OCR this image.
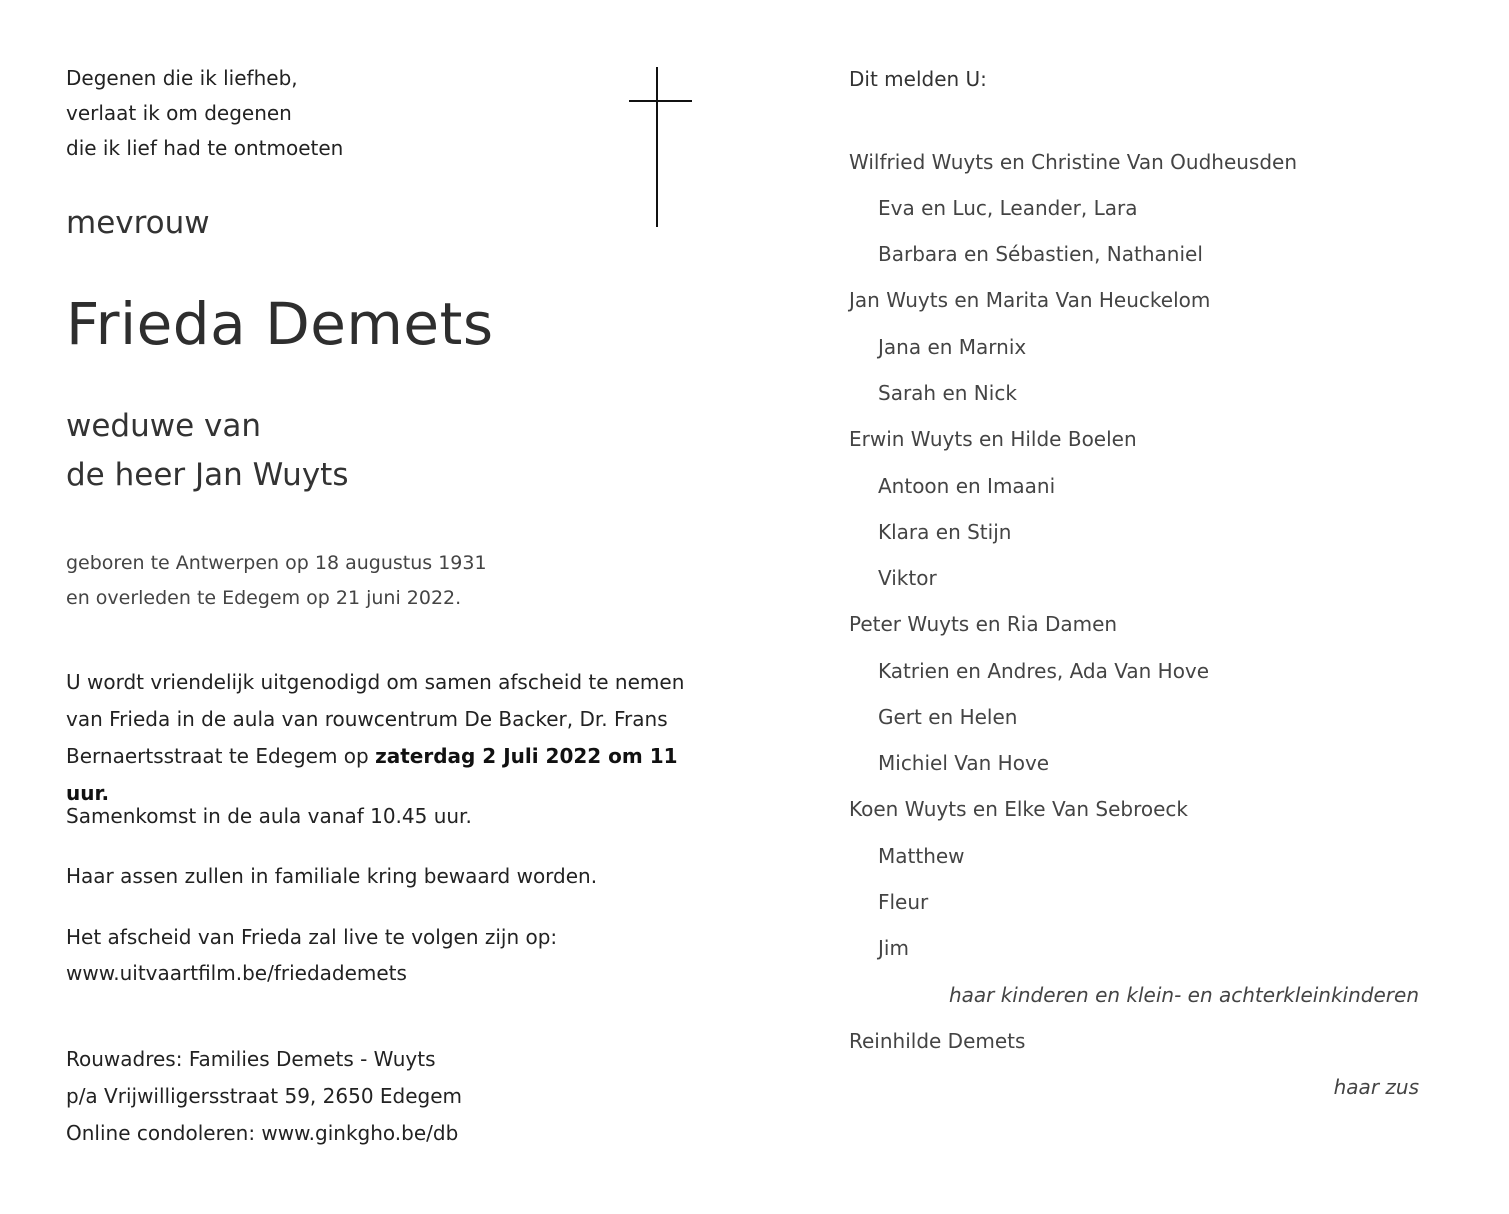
Degenen die ik liefheb,
verlaat ik om degenen
die ik lief had te ontmoeten
mevrouw
Frieda Demets
weduwe van
de heer Jan Wuyts
geboren te Antwerpen op 18 augustus 1931
en overleden te Edegem op 21 juni 2022.
U wordt vriendelijk uitgenodigd om samen afscheid te nemen van Frieda in de aula van rouwcentrum De Backer, Dr. Frans Bernaertsstraat te Edegem op zaterdag 2 Juli 2022 om 11 uur.
Samenkomst in de aula vanaf 10.45 uur.
Haar assen zullen in familiale kring bewaard worden.
Het afscheid van Frieda zal live te volgen zijn op:
www.uitvaartfilm.be/friedademets
Rouwadres: Families Demets - Wuyts
p/a Vrijwilligersstraat 59, 2650 Edegem
Online condoleren: www.ginkgho.be/db
Dit melden U:
Wilfried Wuyts en Christine Van Oudheusden
Eva en Luc, Leander, Lara
Barbara en Sébastien, Nathaniel
Jan Wuyts en Marita Van Heuckelom
Jana en Marnix
Sarah en Nick
Erwin Wuyts en Hilde Boelen
Antoon en Imaani
Klara en Stijn
Viktor
Peter Wuyts en Ria Damen
Katrien en Andres, Ada Van Hove
Gert en Helen
Michiel Van Hove
Koen Wuyts en Elke Van Sebroeck
Matthew
Fleur
Jim
haar kinderen en klein- en achterkleinkinderen
Reinhilde Demets
haar zus
